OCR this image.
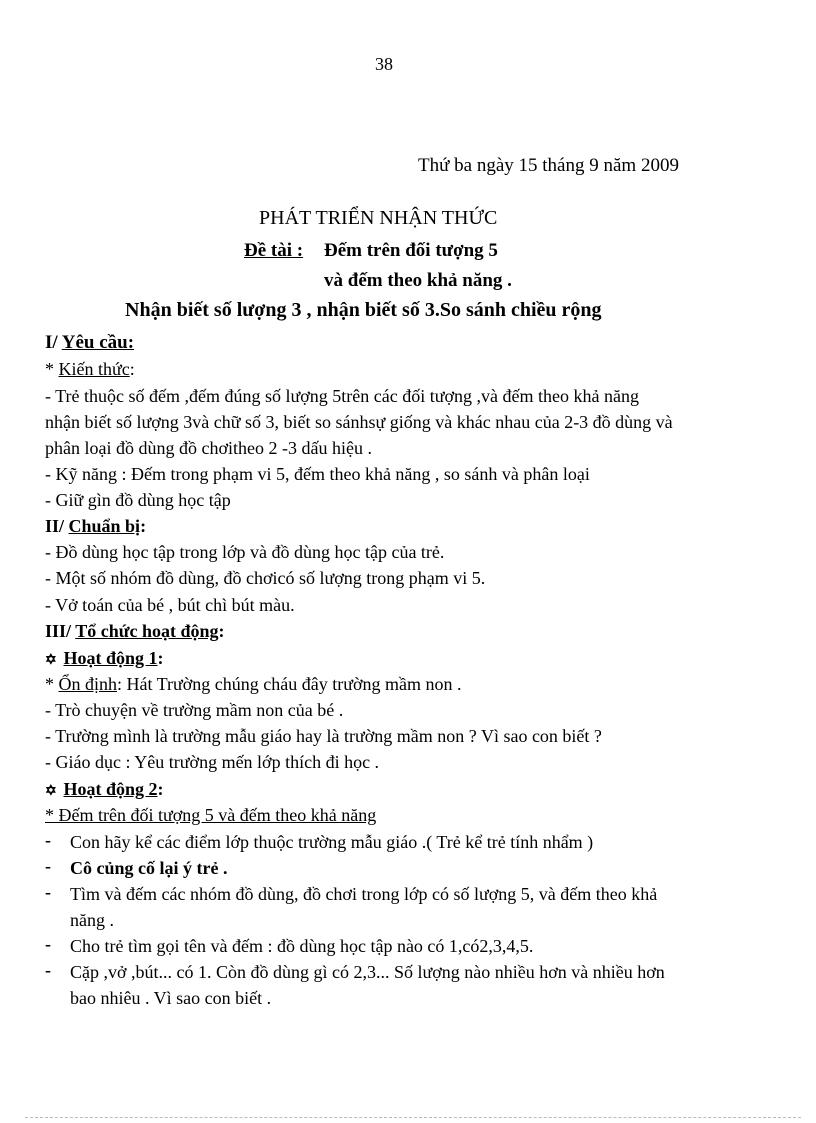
38
Thứ ba ngày 15 tháng 9 năm 2009
PHÁT TRIỂN NHẬN THỨC
Đề tài : Đếm trên đối tượng 5
và đếm theo khả năng .
Nhận biết số lượng 3 , nhận biết số 3.So sánh chiều rộng
I/ Yêu cầu:
* Kiến thức:
- Trẻ thuộc số đếm ,đếm đúng số lượng 5trên các đối tượng ,và đếm theo khả năng
nhận biết số lượng 3và chữ số 3, biết so sánhsự giống và khác nhau của 2-3 đồ dùng và
phân loại đồ dùng đồ chơitheo 2 -3 dấu hiệu .
- Kỹ năng : Đếm trong phạm vi 5, đếm theo khả năng , so sánh và phân loại
- Giữ gìn đồ dùng học tập
II/ Chuẩn bị:
- Đồ dùng học tập trong lớp và đồ dùng học tập của trẻ.
- Một số nhóm đồ dùng, đồ chơicó số lượng trong phạm vi 5.
- Vở toán của bé , bút chì bút màu.
III/ Tổ chức hoạt động:
✡ Hoạt động 1:
* Ổn định: Hát Trường chúng cháu đây trường mầm non .
- Trò chuyện về trường mầm non của bé .
- Trường mình là trường mẫu giáo hay là trường mầm non ? Vì sao con biết ?
- Giáo dục : Yêu trường mến lớp thích đi học .
✡ Hoạt động 2:
* Đếm trên đối tượng 5 và đếm theo khả năng
- Con hãy kể các điểm lớp thuộc trường mẫu giáo .( Trẻ kể trẻ tính nhẩm )
- Cô củng cố lại ý trẻ .
- Tìm và đếm các nhóm đồ dùng, đồ chơi trong lớp có số lượng 5, và đếm theo khả
năng .
- Cho trẻ tìm gọi tên và đếm : đồ dùng học tập nào có 1,có2,3,4,5.
- Cặp ,vở ,bút... có 1. Còn đồ dùng gì có 2,3... Số lượng nào nhiều hơn và nhiều hơn
bao nhiêu . Vì sao con biết .
